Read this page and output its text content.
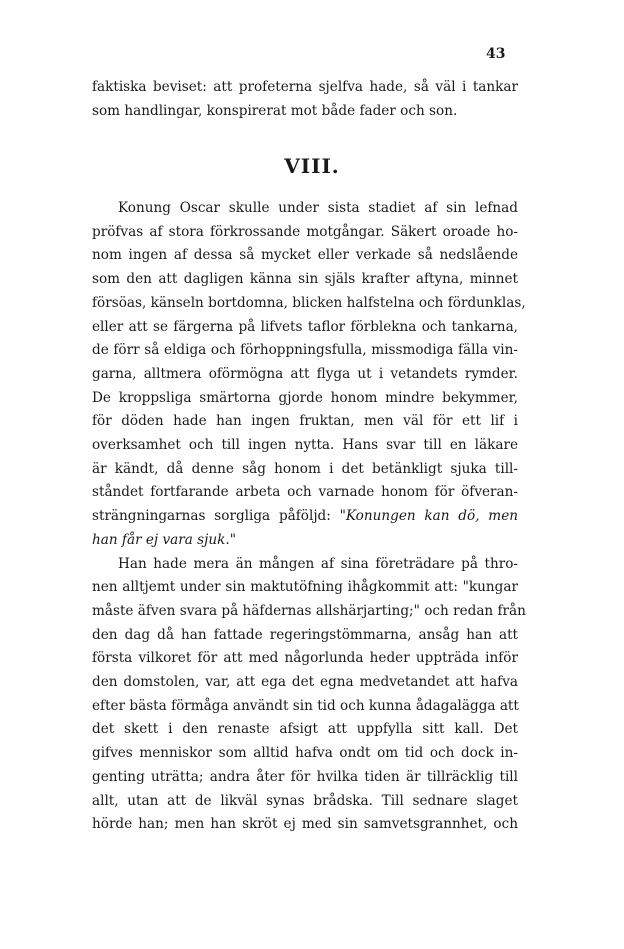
43
faktiska beviset: att profeterna sjelfva hade, så väl i tankar
som handlingar, konspirerat mot både fader och son.
VIII.
Konung Oscar skulle under sista stadiet af sin lefnad
pröfvas af stora förkrossande motgångar. Säkert oroade ho-
nom ingen af dessa så mycket eller verkade så nedslående
som den att dagligen känna sin själs krafter aftyna, minnet
försöas, känseln bortdomna, blicken halfstelna och fördunklas,
eller att se färgerna på lifvets taflor förblekna och tankarna,
de förr så eldiga och förhoppningsfulla, missmodiga fälla vin-
garna, alltmera oförmögna att flyga ut i vetandets rymder.
De kroppsliga smärtorna gjorde honom mindre bekymmer,
för döden hade han ingen fruktan, men väl för ett lif i
overksamhet och till ingen nytta. Hans svar till en läkare
är kändt, då denne såg honom i det betänkligt sjuka till-
ståndet fortfarande arbeta och varnade honom för öfveran-
strängningarnas sorgliga påföljd: "Konungen kan dö, men
han får ej vara sjuk."
Han hade mera än mången af sina företrädare på thro-
nen alltjemt under sin maktutöfning ihågkommit att: "kungar
måste äfven svara på häfdernas allshärjarting;" och redan från
den dag då han fattade regeringstömmarna, ansåg han att
första vilkoret för att med någorlunda heder uppträda inför
den domstolen, var, att ega det egna medvetandet att hafva
efter bästa förmåga användt sin tid och kunna ådagalägga att
det skett i den renaste afsigt att uppfylla sitt kall. Det
gifves menniskor som alltid hafva ondt om tid och dock in-
genting uträtta; andra åter för hvilka tiden är tillräcklig till
allt, utan att de likväl synas brådska. Till sednare slaget
hörde han; men han skröt ej med sin samvetsgrannhet, och
